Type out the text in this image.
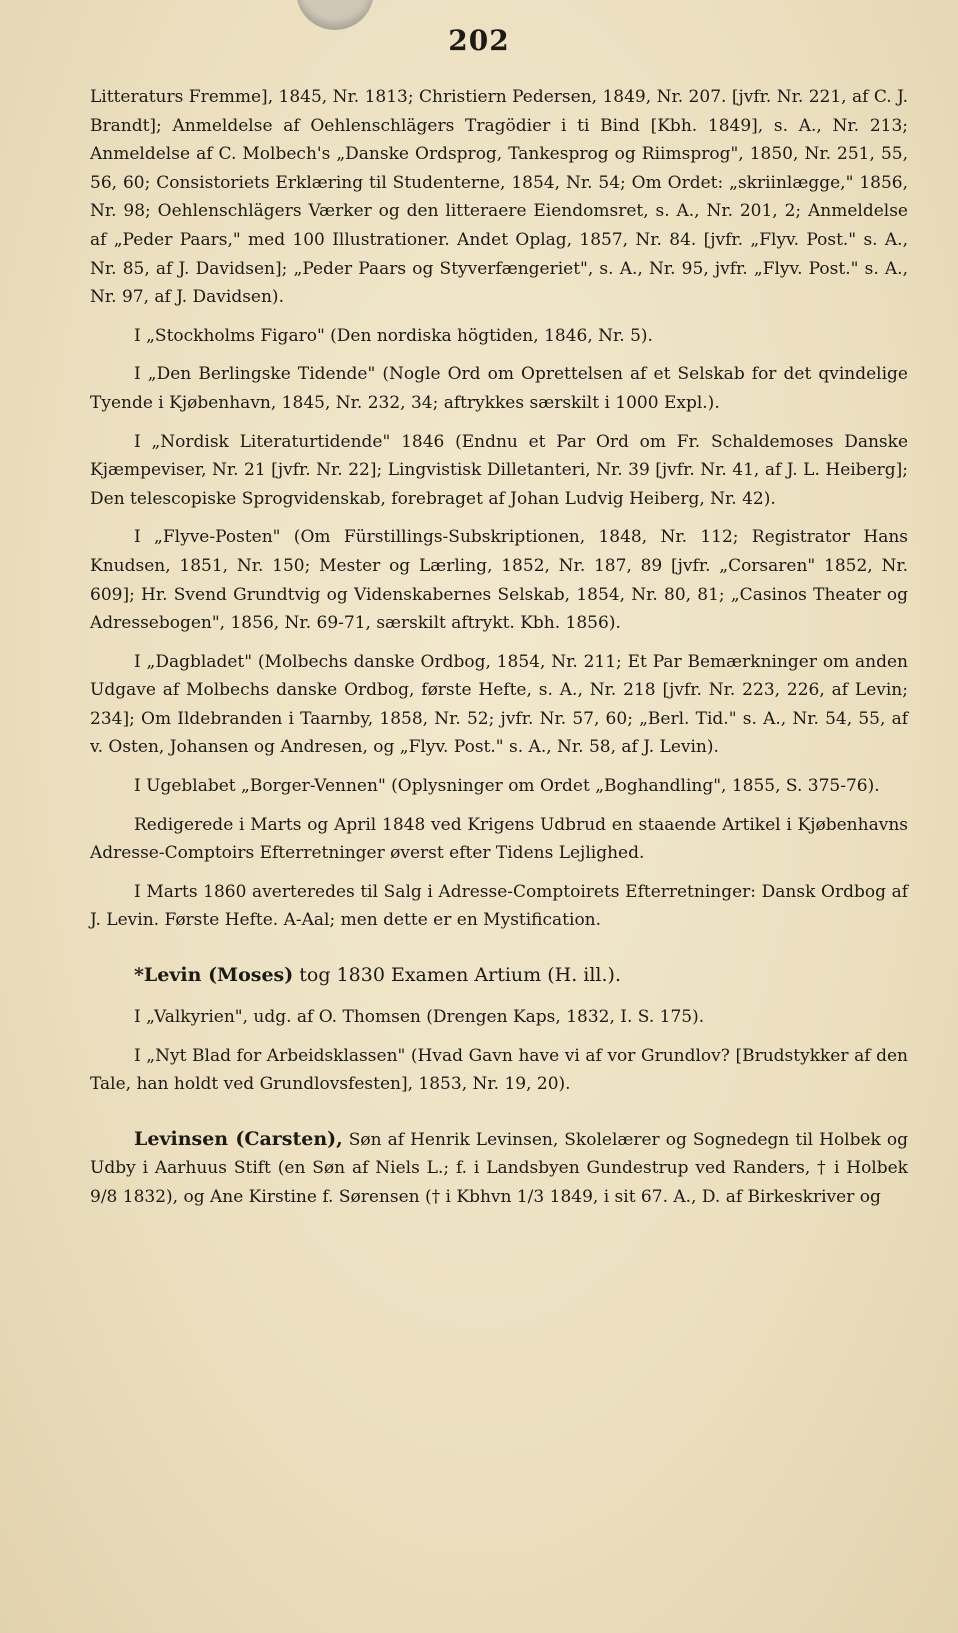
202

Litteraturs Fremme], 1845, Nr. 1813; Christiern Pedersen, 1849, Nr. 207. [jvfr. Nr. 221, af C. J. Brandt]; Anmeldelse af Oehlenschlägers Tragödier i ti Bind [Kbh. 1849], s. A., Nr. 213; Anmeldelse af C. Molbech's „Danske Ordsprog, Tankesprog og Riimsprog", 1850, Nr. 251, 55, 56, 60; Consistoriets Erklæring til Studenterne, 1854, Nr. 54; Om Ordet: „skriinlægge," 1856, Nr. 98; Oehlenschlägers Værker og den litteraere Eiendomsret, s. A., Nr. 201, 2; Anmeldelse af „Peder Paars," med 100 Illustrationer. Andet Oplag, 1857, Nr. 84. [jvfr. „Flyv. Post." s. A., Nr. 85, af J. Davidsen]; „Peder Paars og Styverfængeriet", s. A., Nr. 95, jvfr. „Flyv. Post." s. A., Nr. 97, af J. Davidsen).

I „Stockholms Figaro" (Den nordiska högtiden, 1846, Nr. 5).

I „Den Berlingske Tidende" (Nogle Ord om Oprettelsen af et Selskab for det qvindelige Tyende i Kjøbenhavn, 1845, Nr. 232, 34; aftrykkes særskilt i 1000 Expl.).

I „Nordisk Literaturtidende" 1846 (Endnu et Par Ord om Fr. Schaldemoses Danske Kjæmpeviser, Nr. 21 [jvfr. Nr. 22]; Lingvistisk Dilletanteri, Nr. 39 [jvfr. Nr. 41, af J. L. Heiberg]; Den telescopiske Sprogvidenskab, forebraget af Johan Ludvig Heiberg, Nr. 42).

I „Flyve-Posten" (Om Fürstillings-Subskriptionen, 1848, Nr. 112; Registrator Hans Knudsen, 1851, Nr. 150; Mester og Lærling, 1852, Nr. 187, 89 [jvfr. „Corsaren" 1852, Nr. 609]; Hr. Svend Grundtvig og Videnskabernes Selskab, 1854, Nr. 80, 81; „Casinos Theater og Adressebogen", 1856, Nr. 69-71, særskilt aftrykt. Kbh. 1856).

I „Dagbladet" (Molbechs danske Ordbog, 1854, Nr. 211; Et Par Bemærkninger om anden Udgave af Molbechs danske Ordbog, første Hefte, s. A., Nr. 218 [jvfr. Nr. 223, 226, af Levin; 234]; Om Ildebranden i Taarnby, 1858, Nr. 52; jvfr. Nr. 57, 60; „Berl. Tid." s. A., Nr. 54, 55, af v. Osten, Johansen og Andresen, og „Flyv. Post." s. A., Nr. 58, af J. Levin).

I Ugeblabet „Borger-Vennen" (Oplysninger om Ordet „Boghandling", 1855, S. 375-76).

Redigerede i Marts og April 1848 ved Krigens Udbrud en staaende Artikel i Kjøbenhavns Adresse-Comptoirs Efterretninger øverst efter Tidens Lejlighed.

I Marts 1860 averteredes til Salg i Adresse-Comptoirets Efterretninger: Dansk Ordbog af J. Levin. Første Hefte. A-Aal; men dette er en Mystification.

*Levin (Moses) tog 1830 Examen Artium (H. ill.).

I „Valkyrien", udg. af O. Thomsen (Drengen Kaps, 1832, I. S. 175).

I „Nyt Blad for Arbeidsklassen" (Hvad Gavn have vi af vor Grundlov? [Brudstykker af den Tale, han holdt ved Grundlovsfesten], 1853, Nr. 19, 20).

Levinsen (Carsten), Søn af Henrik Levinsen, Skolelærer og Sognedegn til Holbek og Udby i Aarhuus Stift (en Søn af Niels L.; f. i Landsbyen Gundestrup ved Randers, † i Holbek 9/8 1832), og Ane Kirstine f. Sørensen († i Kbhvn 1/3 1849, i sit 67. A., D. af Birkeskriver og
